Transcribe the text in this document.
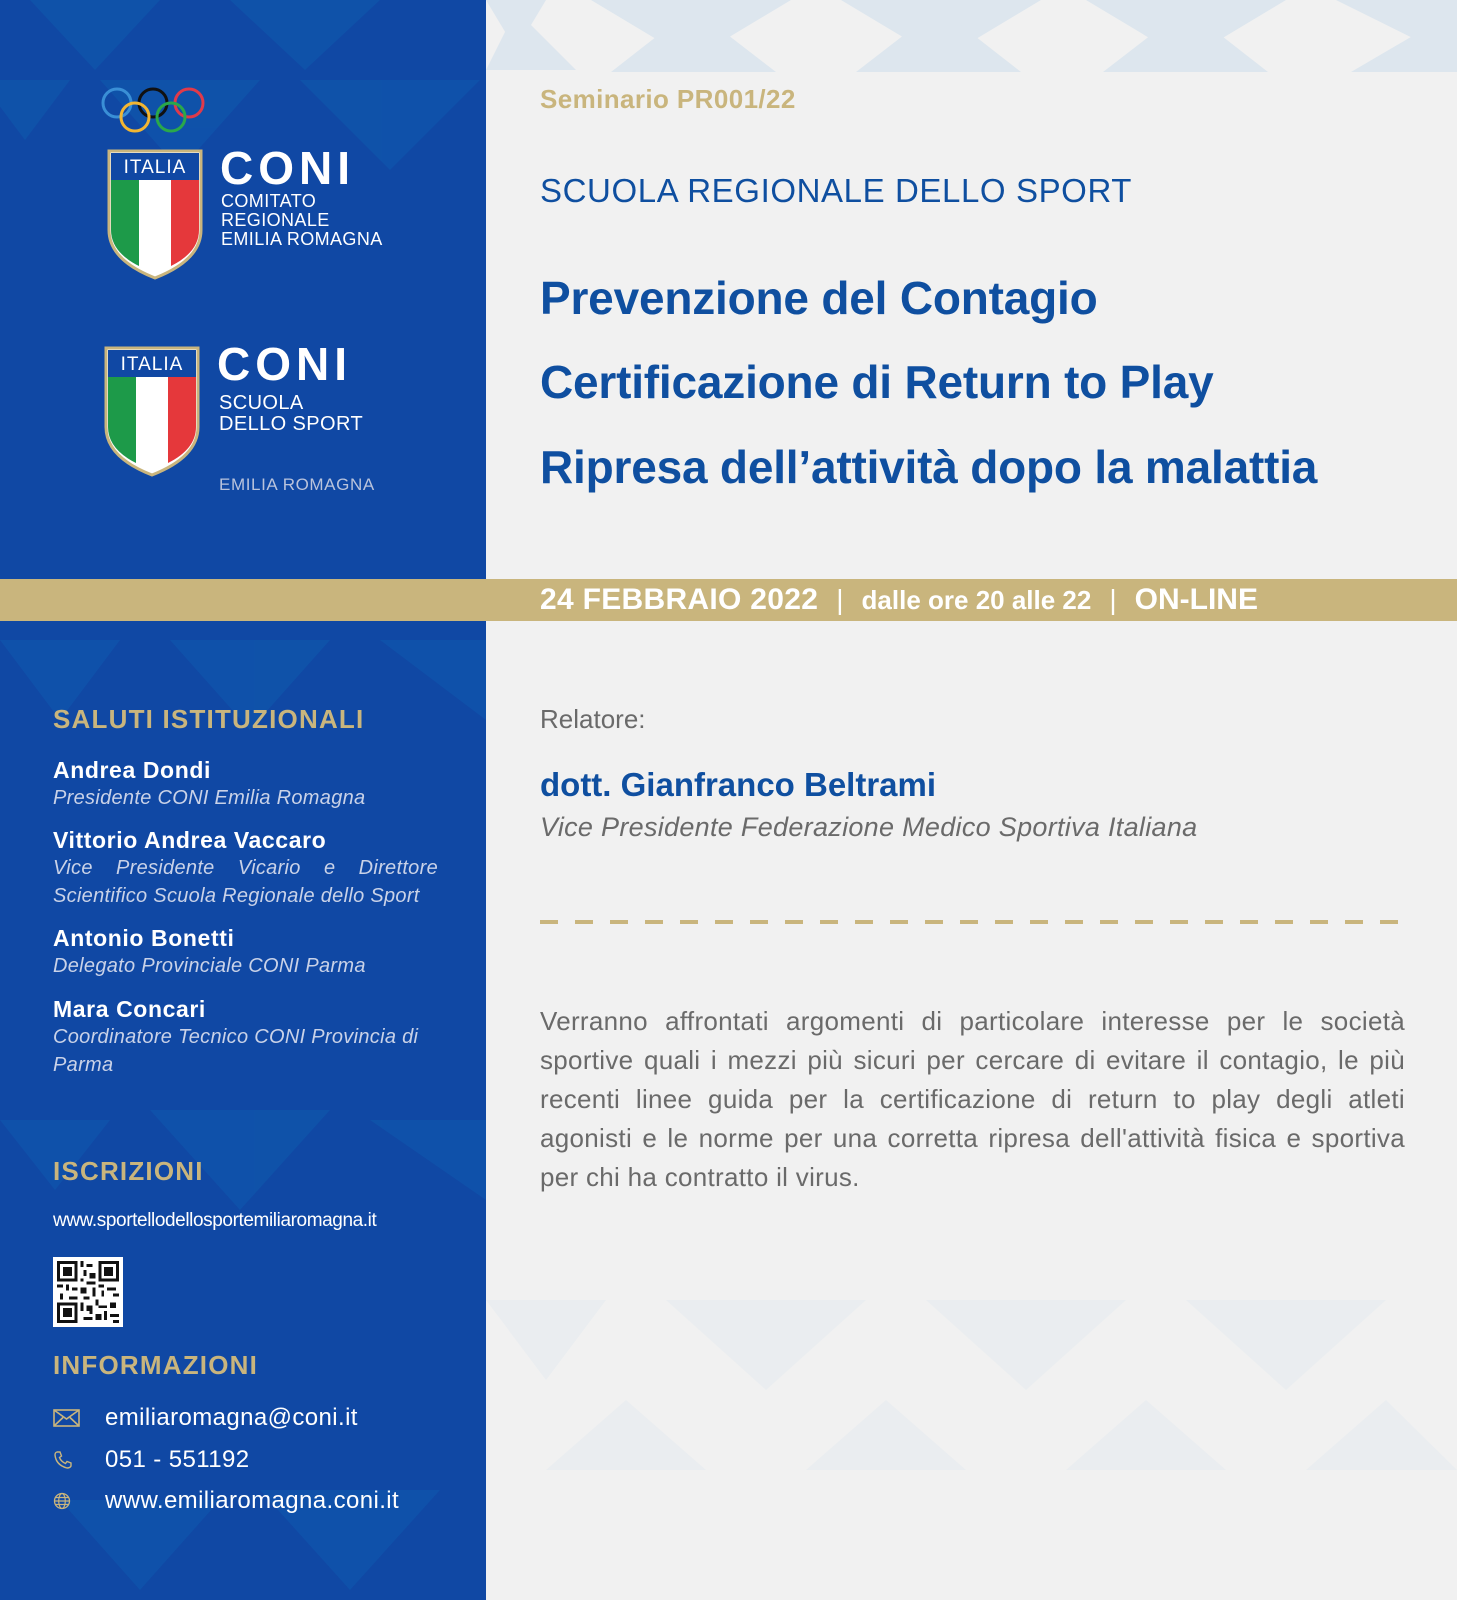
ITALIA CONI
COMITATO
REGIONALE
EMILIA ROMAGNA
ITALIA CONI
SCUOLA
DELLO SPORT
EMILIA ROMAGNA
SALUTI ISTITUZIONALI
Andrea Dondi
Presidente CONI Emilia Romagna
Vittorio Andrea Vaccaro
Vice Presidente Vicario e Direttore Scientifico Scuola Regionale dello Sport
Antonio Bonetti
Delegato Provinciale CONI Parma
Mara Concari
Coordinatore Tecnico CONI Provincia di Parma
ISCRIZIONI
www.sportellodellosportemiliaromagna.it
INFORMAZIONI
emiliaromagna@coni.it
051 - 551192
www.emiliaromagna.coni.it
Seminario PR001/22
SCUOLA REGIONALE DELLO SPORT
Prevenzione del Contagio
Certificazione di Return to Play
Ripresa dell’attività dopo la malattia
24 FEBBRAIO 2022 | dalle ore 20 alle 22 | ON-LINE
Relatore:
dott. Gianfranco Beltrami
Vice Presidente Federazione Medico Sportiva Italiana
Verranno affrontati argomenti di particolare interesse per le società sportive quali i mezzi più sicuri per cercare di evitare il contagio, le più recenti linee guida per la certificazione di return to play degli atleti agonisti e le norme per una corretta ripresa dell'attività fisica e sportiva per chi ha contratto il virus.
